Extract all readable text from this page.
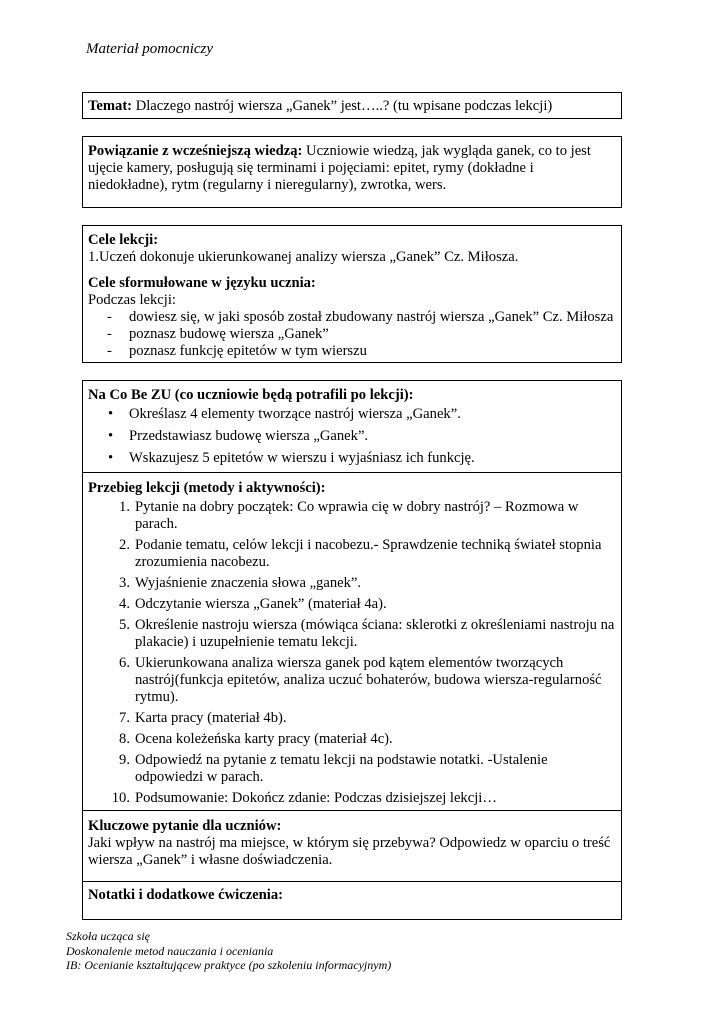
Materiał pomocniczy
Temat: Dlaczego nastrój wiersza „Ganek” jest…..? (tu wpisane podczas lekcji)
Powiązanie z wcześniejszą wiedzą: Uczniowie wiedzą, jak wygląda ganek, co to jest ujęcie kamery, posługują się terminami i pojęciami: epitet, rymy (dokładne i niedokładne), rytm (regularny i nieregularny), zwrotka, wers.
Cele lekcji:
1.Uczeń dokonuje ukierunkowanej analizy wiersza „Ganek” Cz. Miłosza.
Cele sformułowane w języku ucznia:
Podczas lekcji:
- dowiesz się, w jaki sposób został zbudowany nastrój wiersza „Ganek” Cz. Miłosza
- poznasz budowę wiersza „Ganek”
- poznasz funkcję epitetów w tym wierszu
Na Co Be ZU (co uczniowie będą potrafili po lekcji):
• Określasz 4 elementy tworzące nastrój wiersza „Ganek”.
• Przedstawiasz budowę wiersza „Ganek”.
• Wskazujesz 5 epitetów w wierszu i wyjaśniasz ich funkcję.
Przebieg lekcji (metody i aktywności):
1. Pytanie na dobry początek: Co wprawia cię w dobry nastrój? – Rozmowa w parach.
2. Podanie tematu, celów lekcji i nacobezu.- Sprawdzenie techniką świateł stopnia zrozumienia nacobezu.
3. Wyjaśnienie znaczenia słowa „ganek”.
4. Odczytanie wiersza „Ganek” (materiał 4a).
5. Określenie nastroju wiersza (mówiąca ściana: sklerotki z określeniami nastroju na plakacie) i uzupełnienie tematu lekcji.
6. Ukierunkowana analiza wiersza ganek pod kątem elementów tworzących nastrój(funkcja epitetów, analiza uczuć bohaterów, budowa wiersza-regularność rytmu).
7. Karta pracy (materiał 4b).
8. Ocena koleżeńska karty pracy (materiał 4c).
9. Odpowiedź na pytanie z tematu lekcji na podstawie notatki. -Ustalenie odpowiedzi w parach.
10. Podsumowanie: Dokończ zdanie: Podczas dzisiejszej lekcji…
Kluczowe pytanie dla uczniów:
Jaki wpływ na nastrój ma miejsce, w którym się przebywa? Odpowiedz w oparciu o treść wiersza „Ganek” i własne doświadczenia.
Notatki i dodatkowe ćwiczenia:
Szkoła ucząca się
Doskonalenie metod nauczania i oceniania
IB: Ocenianie kształtującew praktyce (po szkoleniu informacyjnym)
